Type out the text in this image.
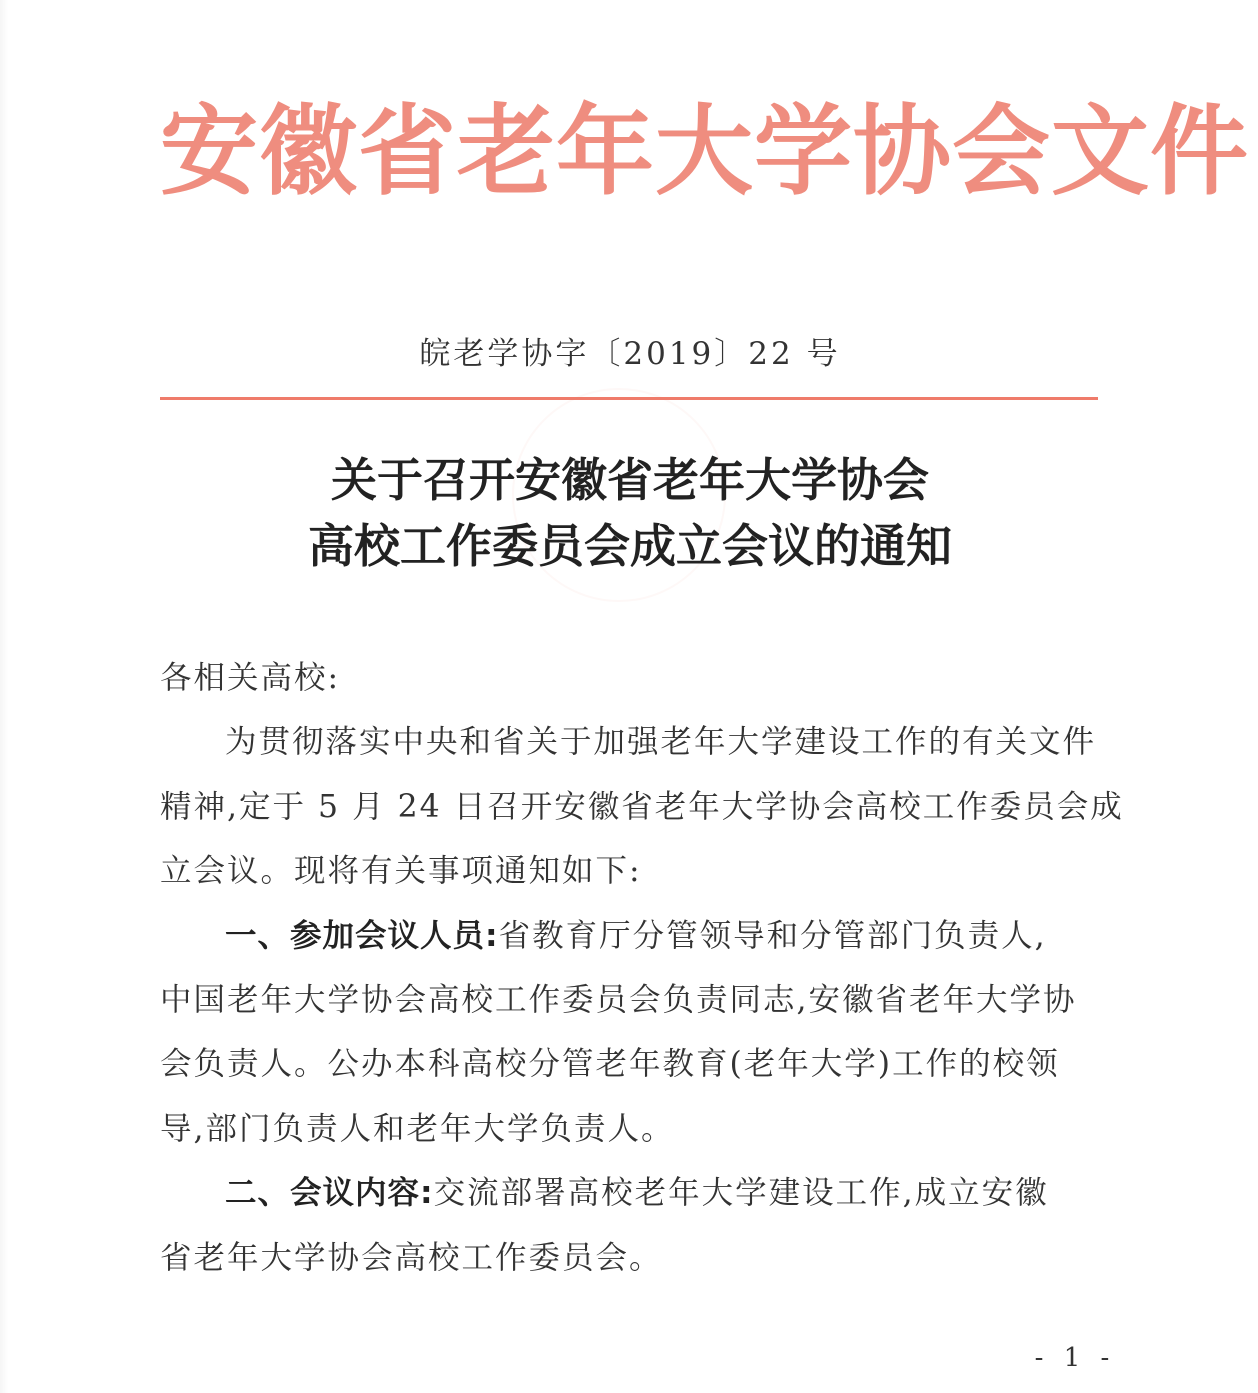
安徽省老年大学协会文件
皖老学协字〔2019〕22 号
关于召开安徽省老年大学协会
高校工作委员会成立会议的通知
各相关高校:
为贯彻落实中央和省关于加强老年大学建设工作的有关文件
精神,定于 5 月 24 日召开安徽省老年大学协会高校工作委员会成
立会议。现将有关事项通知如下:
一、参加会议人员:省教育厅分管领导和分管部门负责人,
中国老年大学协会高校工作委员会负责同志,安徽省老年大学协
会负责人。公办本科高校分管老年教育(老年大学)工作的校领
导,部门负责人和老年大学负责人。
二、会议内容:交流部署高校老年大学建设工作,成立安徽
省老年大学协会高校工作委员会。
- 1 -
